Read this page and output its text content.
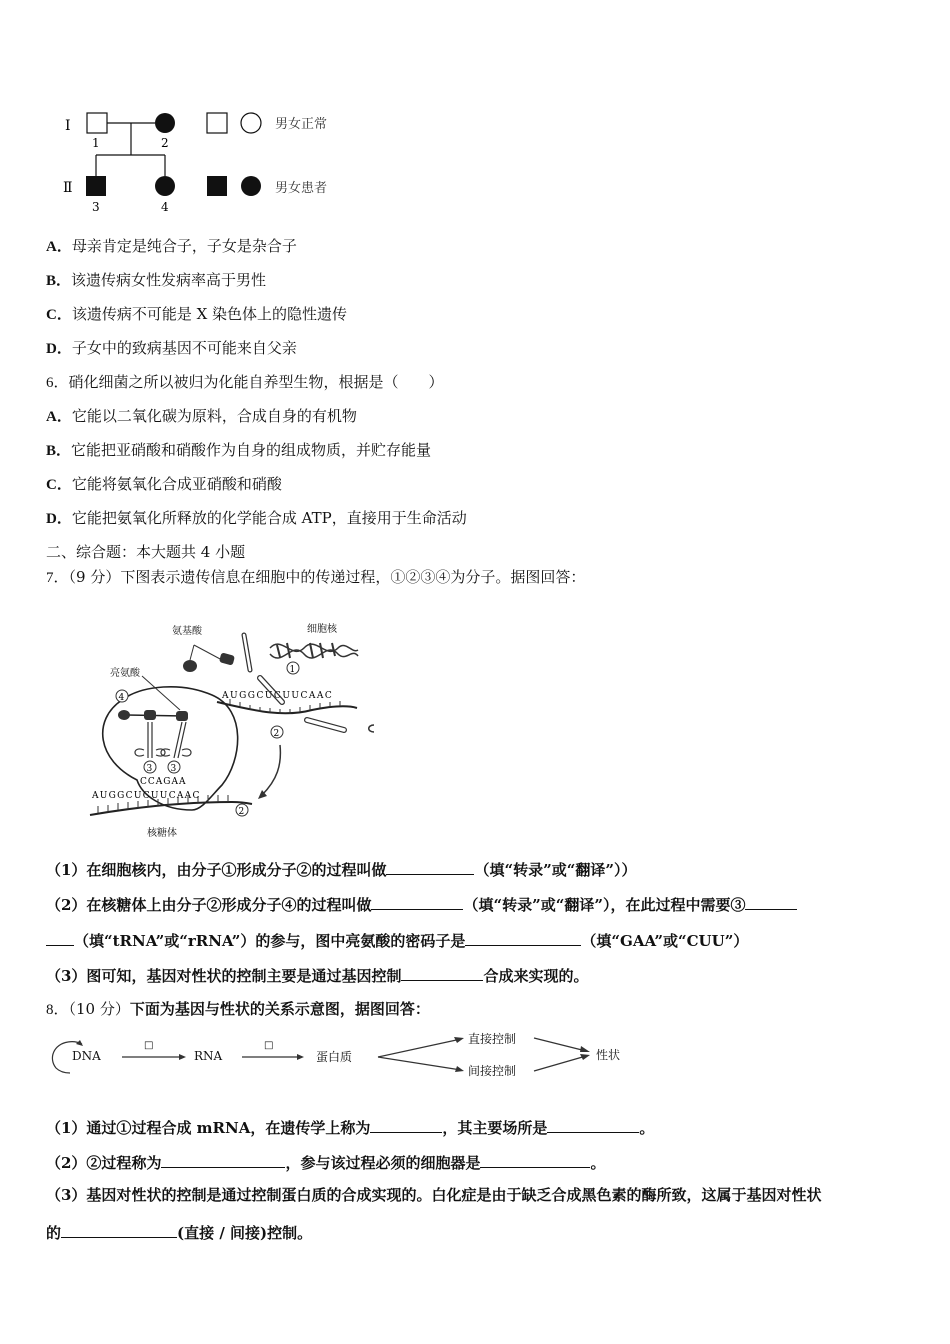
Ⅰ
Ⅱ
1	2
3	4
男女正常
男女患者
A．母亲肯定是纯合子，子女是杂合子
B．该遗传病女性发病率高于男性
C．该遗传病不可能是 X 染色体上的隐性遗传
D．子女中的致病基因不可能来自父亲
6．硝化细菌之所以被归为化能自养型生物，根据是（　　）
A．它能以二氧化碳为原料，合成自身的有机物
B．它能把亚硝酸和硝酸作为自身的组成物质，并贮存能量
C．它能将氨氧化合成亚硝酸和硝酸
D．它能把氨氧化所释放的化学能合成 ATP，直接用于生命活动
二、综合题：本大题共 4 小题
7．（9 分）下图表示遗传信息在细胞中的传递过程，①②③④为分子。据图回答：
1
AUGGCUCUUCAAC
2
4
3 3
CCAGAA
AUGGCUCUUCAAC
2
氨基酸	细胞核
亮氨酸
核糖体
（1）在细胞核内，由分子①形成分子②的过程叫做	（填“转录”或“翻译”））
（2）在核糖体上由分子②形成分子④的过程叫做	（填“转录”或“翻译”），在此过程中需要③
（填“tRNA”或“rRNA”）的参与，图中亮氨酸的密码子是	（填“GAA”或“CUU”）
（3）图可知，基因对性状的控制主要是通过基因控制	合成来实现的。
8．（10 分）下面为基因与性状的关系示意图，据图回答：
DNA
□
RNA
□
蛋白质
直接控制
间接控制
性状
（1）通过①过程合成 mRNA，在遗传学上称为	，其主要场所是	。
（2）②过程称为	，参与该过程必须的细胞器是	。
（3）基因对性状的控制是通过控制蛋白质的合成实现的。白化症是由于缺乏合成黑色素的酶所致，这属于基因对性状
的	(直接 / 间接)控制。
